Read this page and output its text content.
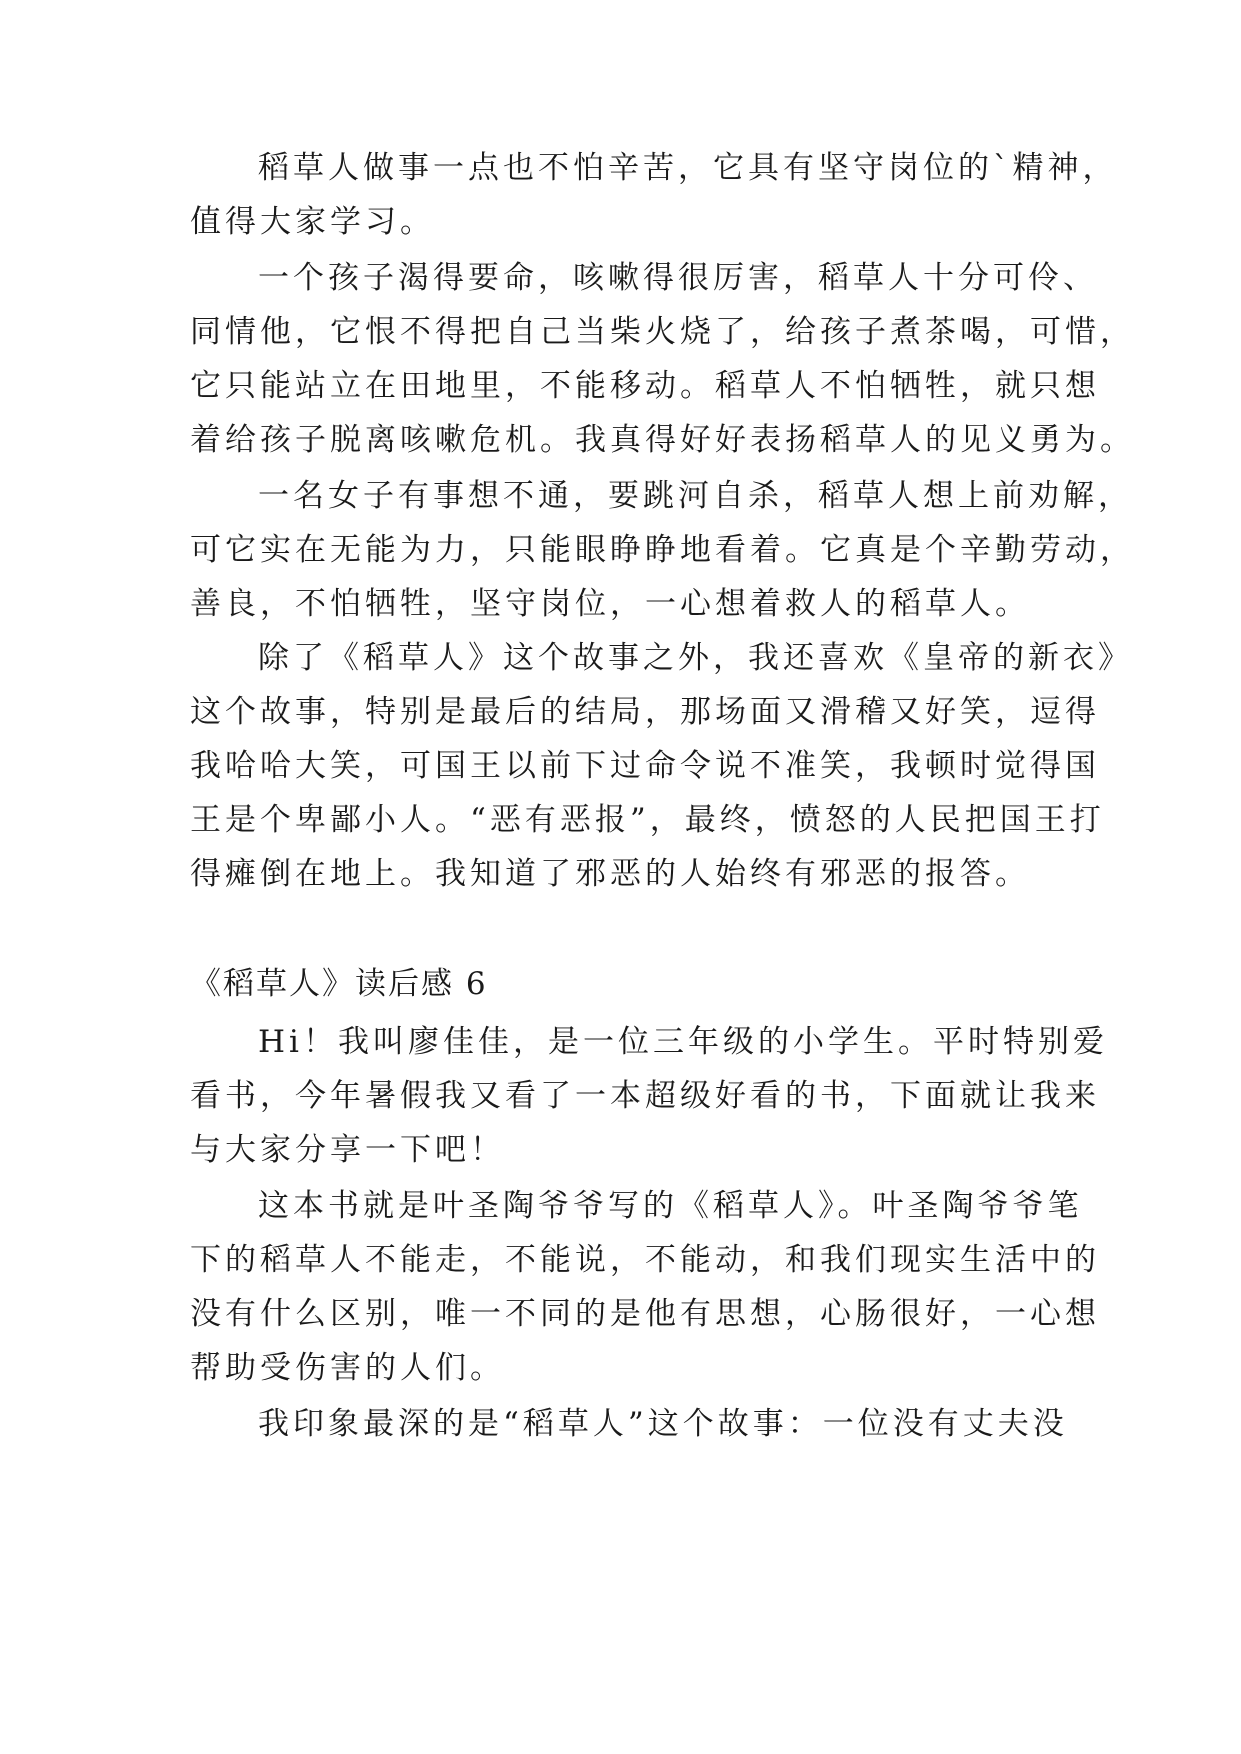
稻草人做事一点也不怕辛苦，它具有坚守岗位的`精神，
值得大家学习。
一个孩子渴得要命，咳嗽得很厉害，稻草人十分可伶、
同情他，它恨不得把自己当柴火烧了，给孩子煮茶喝，可惜，
它只能站立在田地里，不能移动。稻草人不怕牺牲，就只想
着给孩子脱离咳嗽危机。我真得好好表扬稻草人的见义勇为。
一名女子有事想不通，要跳河自杀，稻草人想上前劝解，
可它实在无能为力，只能眼睁睁地看着。它真是个辛勤劳动，
善良，不怕牺牲，坚守岗位，一心想着救人的稻草人。
除了《稻草人》这个故事之外，我还喜欢《皇帝的新衣》
这个故事，特别是最后的结局，那场面又滑稽又好笑，逗得
我哈哈大笑，可国王以前下过命令说不准笑，我顿时觉得国
王是个卑鄙小人。“恶有恶报”，最终，愤怒的人民把国王打
得瘫倒在地上。我知道了邪恶的人始终有邪恶的报答。
《稻草人》读后感 6
Hi！我叫廖佳佳，是一位三年级的小学生。平时特别爱
看书，今年暑假我又看了一本超级好看的书，下面就让我来
与大家分享一下吧！
这本书就是叶圣陶爷爷写的《稻草人》。叶圣陶爷爷笔
下的稻草人不能走，不能说，不能动，和我们现实生活中的
没有什么区别，唯一不同的是他有思想，心肠很好，一心想
帮助受伤害的人们。
我印象最深的是“稻草人”这个故事：一位没有丈夫没
